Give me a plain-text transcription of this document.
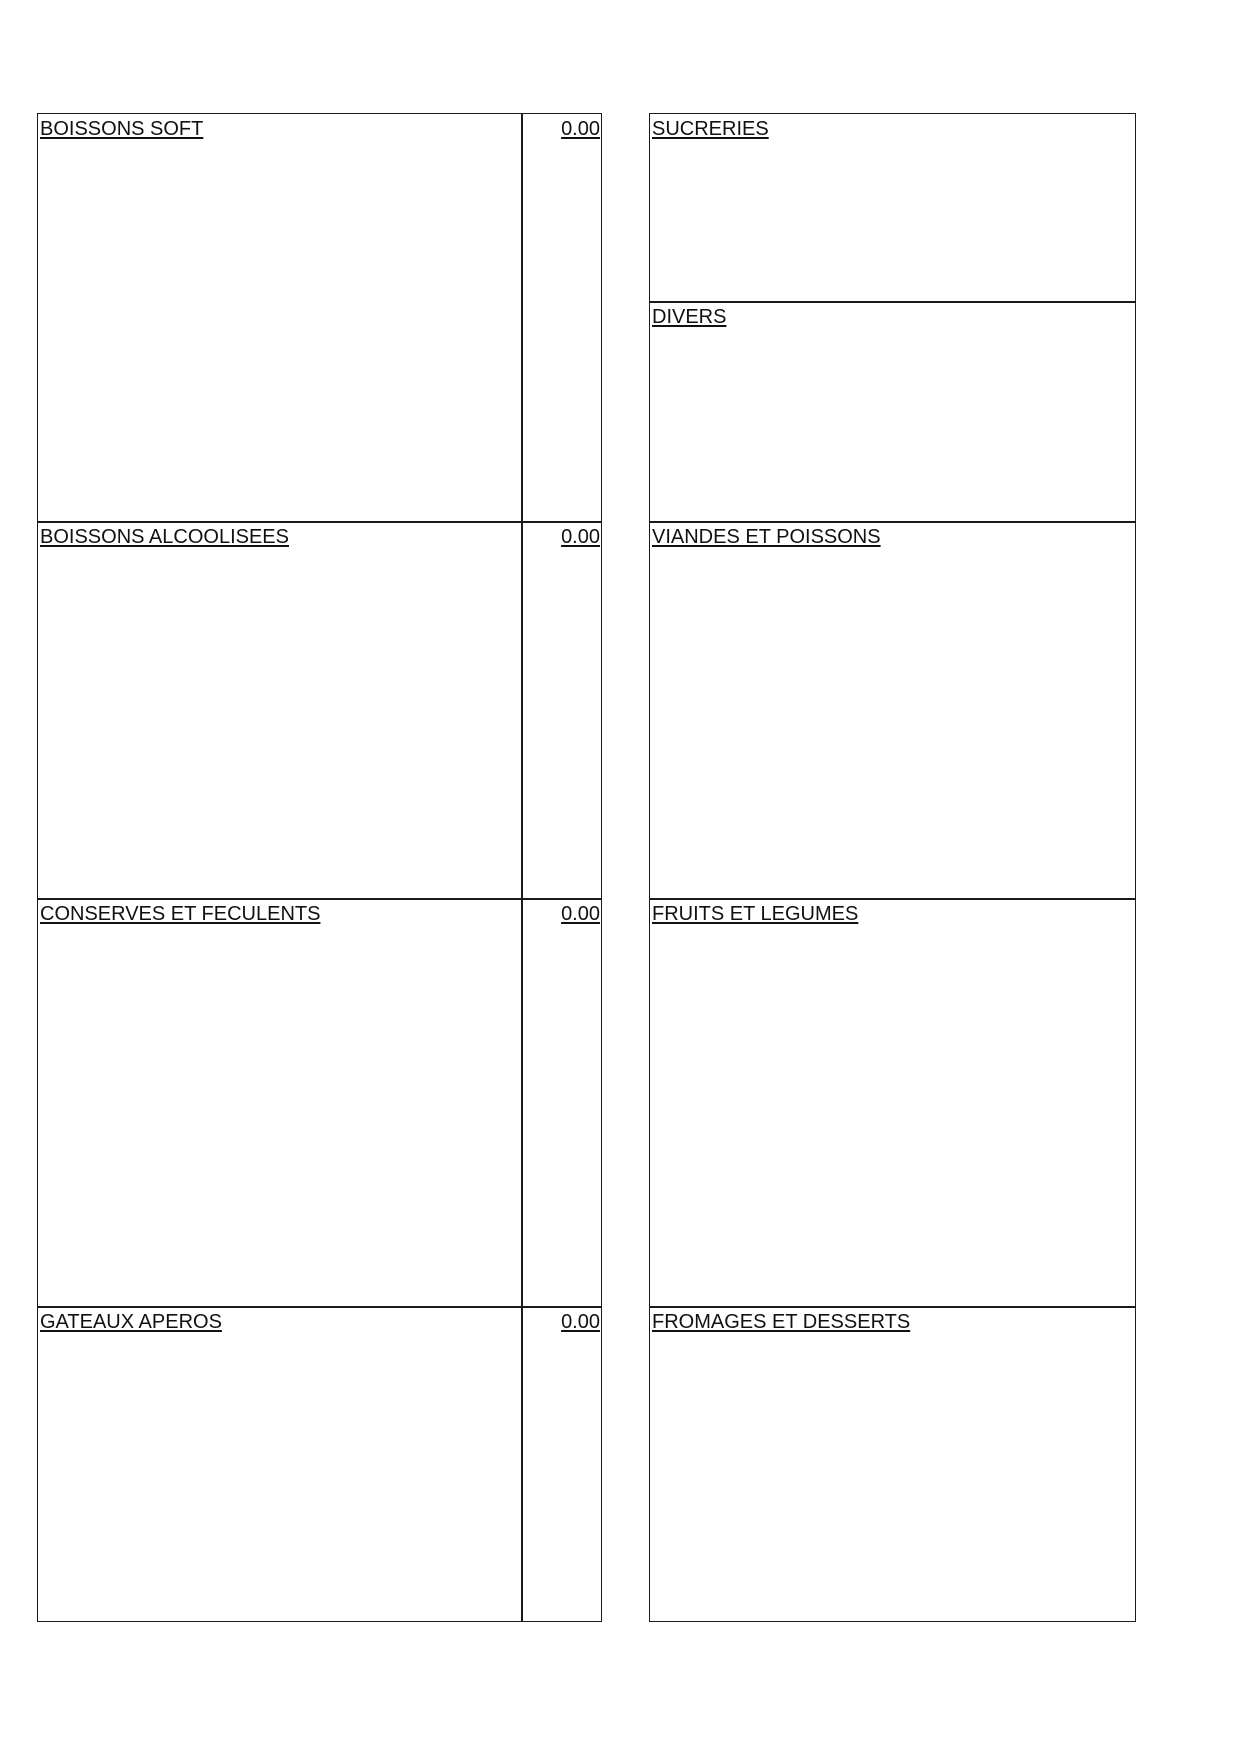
BOISSONS SOFT
BOISSONS ALCOOLISEES
CONSERVES ET FECULENTS
GATEAUX APEROS
0.00
0.00
0.00
0.00
SUCRERIES
DIVERS
VIANDES ET POISSONS
FRUITS ET LEGUMES
FROMAGES ET DESSERTS
